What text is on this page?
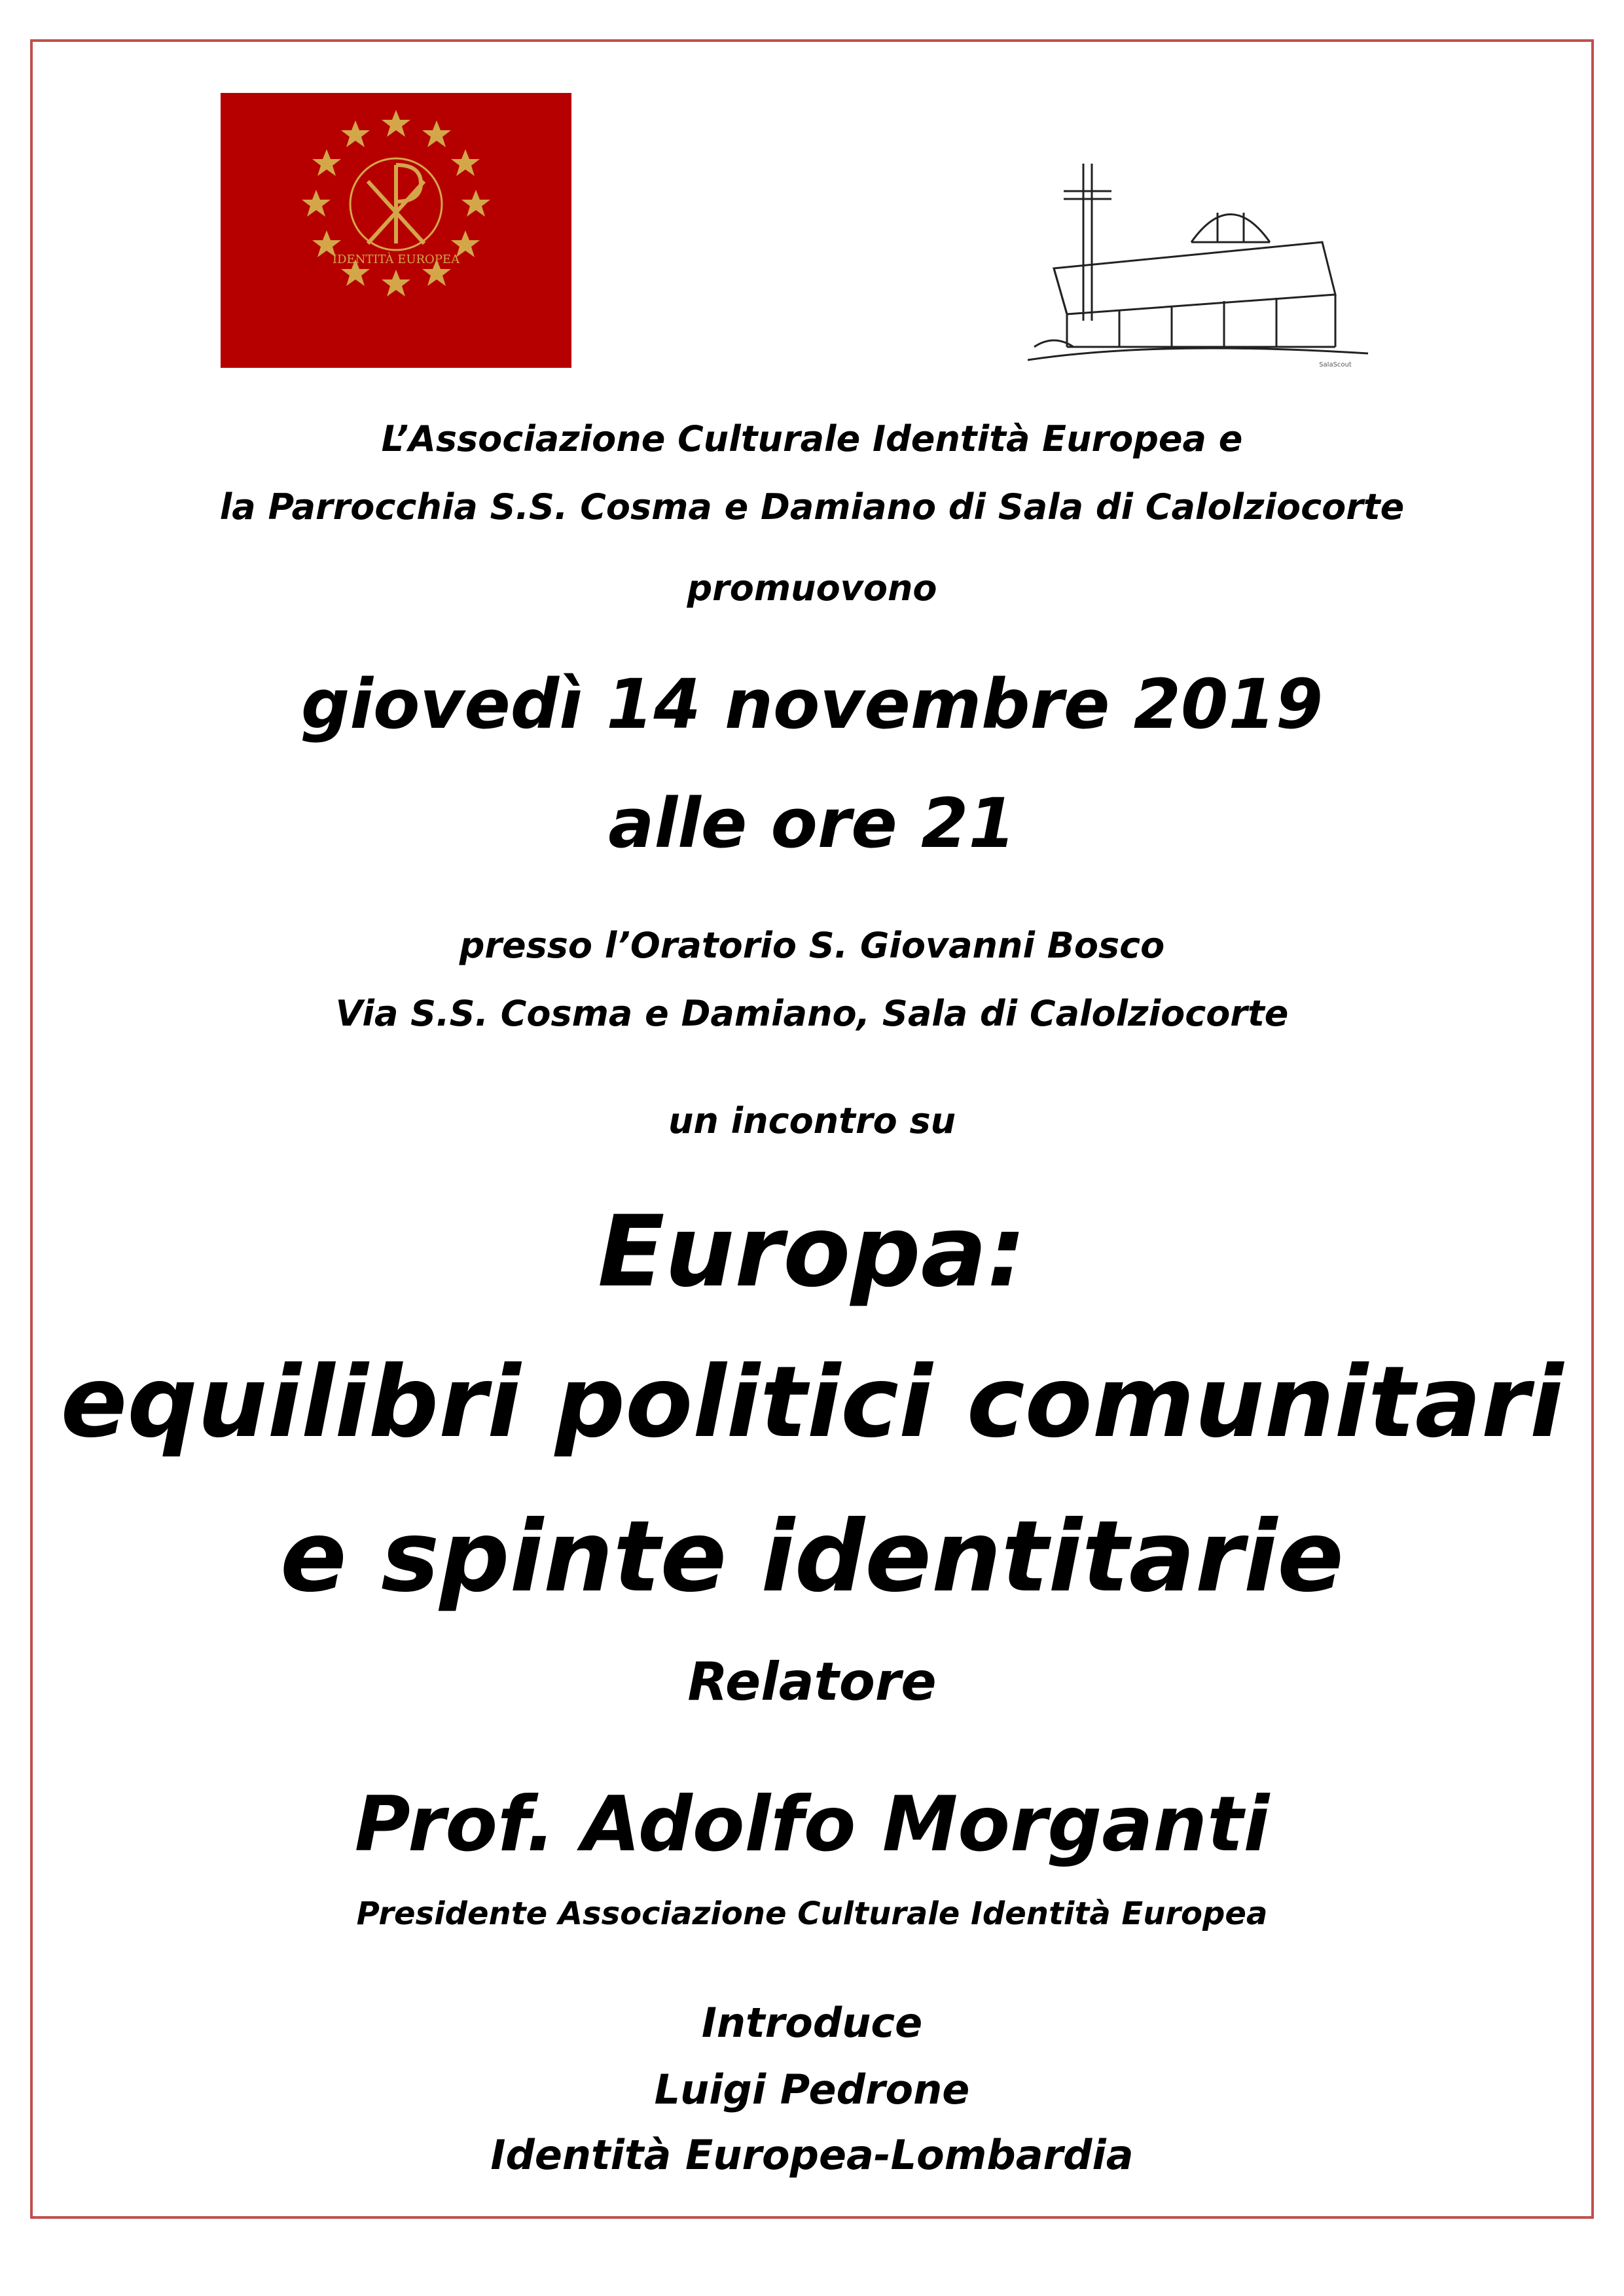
IDENTITÀ EUROPEA
SalaScout
L’Associazione Culturale Identità Europea e
la Parrocchia S.S. Cosma e Damiano di Sala di Calolziocorte
promuovono
giovedì 14 novembre 2019
alle ore 21
presso l’Oratorio S. Giovanni Bosco
Via S.S. Cosma e Damiano, Sala di Calolziocorte
un incontro su
Europa:
equilibri politici comunitari
e spinte identitarie
Relatore
Prof. Adolfo Morganti
Presidente Associazione Culturale Identità Europea
Introduce
Luigi Pedrone
Identità Europea-Lombardia
